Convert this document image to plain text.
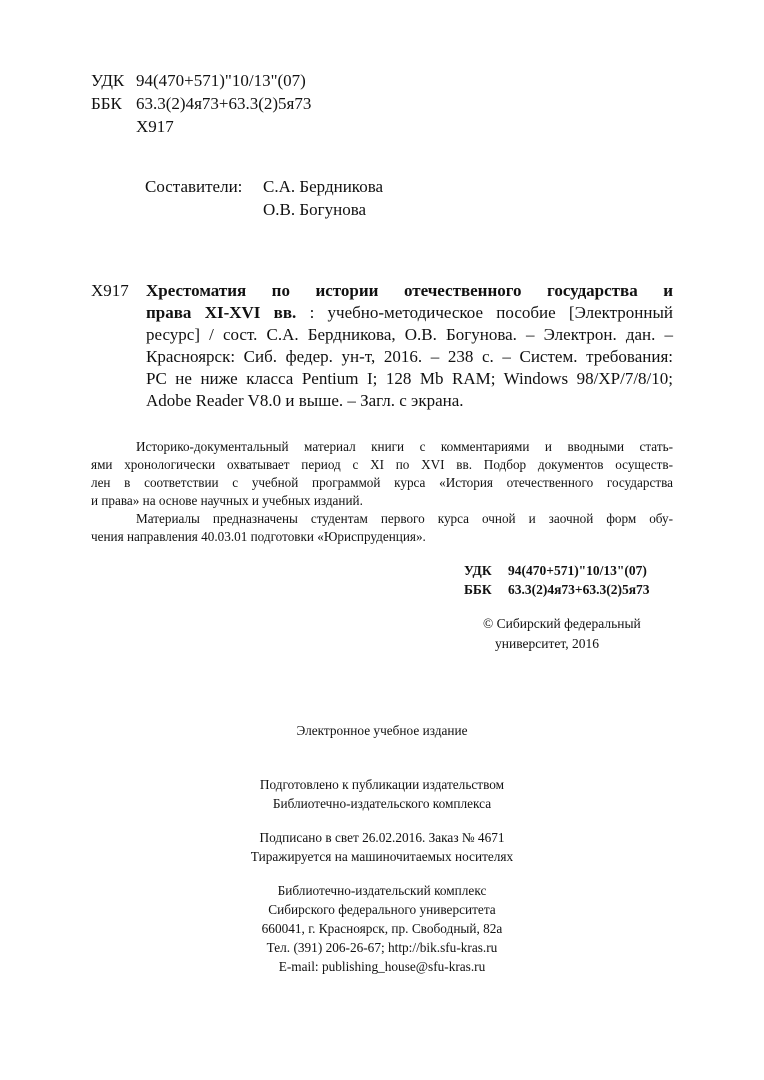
УДК 94(470+571)"10/13"(07)
ББК 63.3(2)4я73+63.3(2)5я73
Х917
Составители: С.А. Бердникова
О.В. Богунова
Х917 Хрестоматия по истории отечественного государства и
права XI-XVI вв. : учебно-методическое пособие [Электронный
ресурс] / сост. С.А. Бердникова, О.В. Богунова. – Электрон. дан. –
Красноярск: Сиб. федер. ун-т, 2016. – 238 с. – Систем. требования:
PC не ниже класса Pentium I; 128 Mb RAM; Windows 98/XP/7/8/10;
Adobe Reader V8.0 и выше. – Загл. с экрана.
Историко-документальный материал книги с комментариями и вводными стать-
ями хронологически охватывает период с XI по XVI вв. Подбор документов осуществ-
лен в соответствии с учебной программой курса «История отечественного государства
и права» на основе научных и учебных изданий.
Материалы предназначены студентам первого курса очной и заочной форм обу-
чения направления 40.03.01 подготовки «Юриспруденция».
УДК 94(470+571)"10/13"(07)
ББК 63.3(2)4я73+63.3(2)5я73
© Сибирский федеральный
университет, 2016
Электронное учебное издание
Подготовлено к публикации издательством
Библиотечно-издательского комплекса
Подписано в свет 26.02.2016. Заказ № 4671
Тиражируется на машиночитаемых носителях
Библиотечно-издательский комплекс
Сибирского федерального университета
660041, г. Красноярск, пр. Свободный, 82а
Тел. (391) 206-26-67; http://bik.sfu-kras.ru
E-mail: publishing_house@sfu-kras.ru
